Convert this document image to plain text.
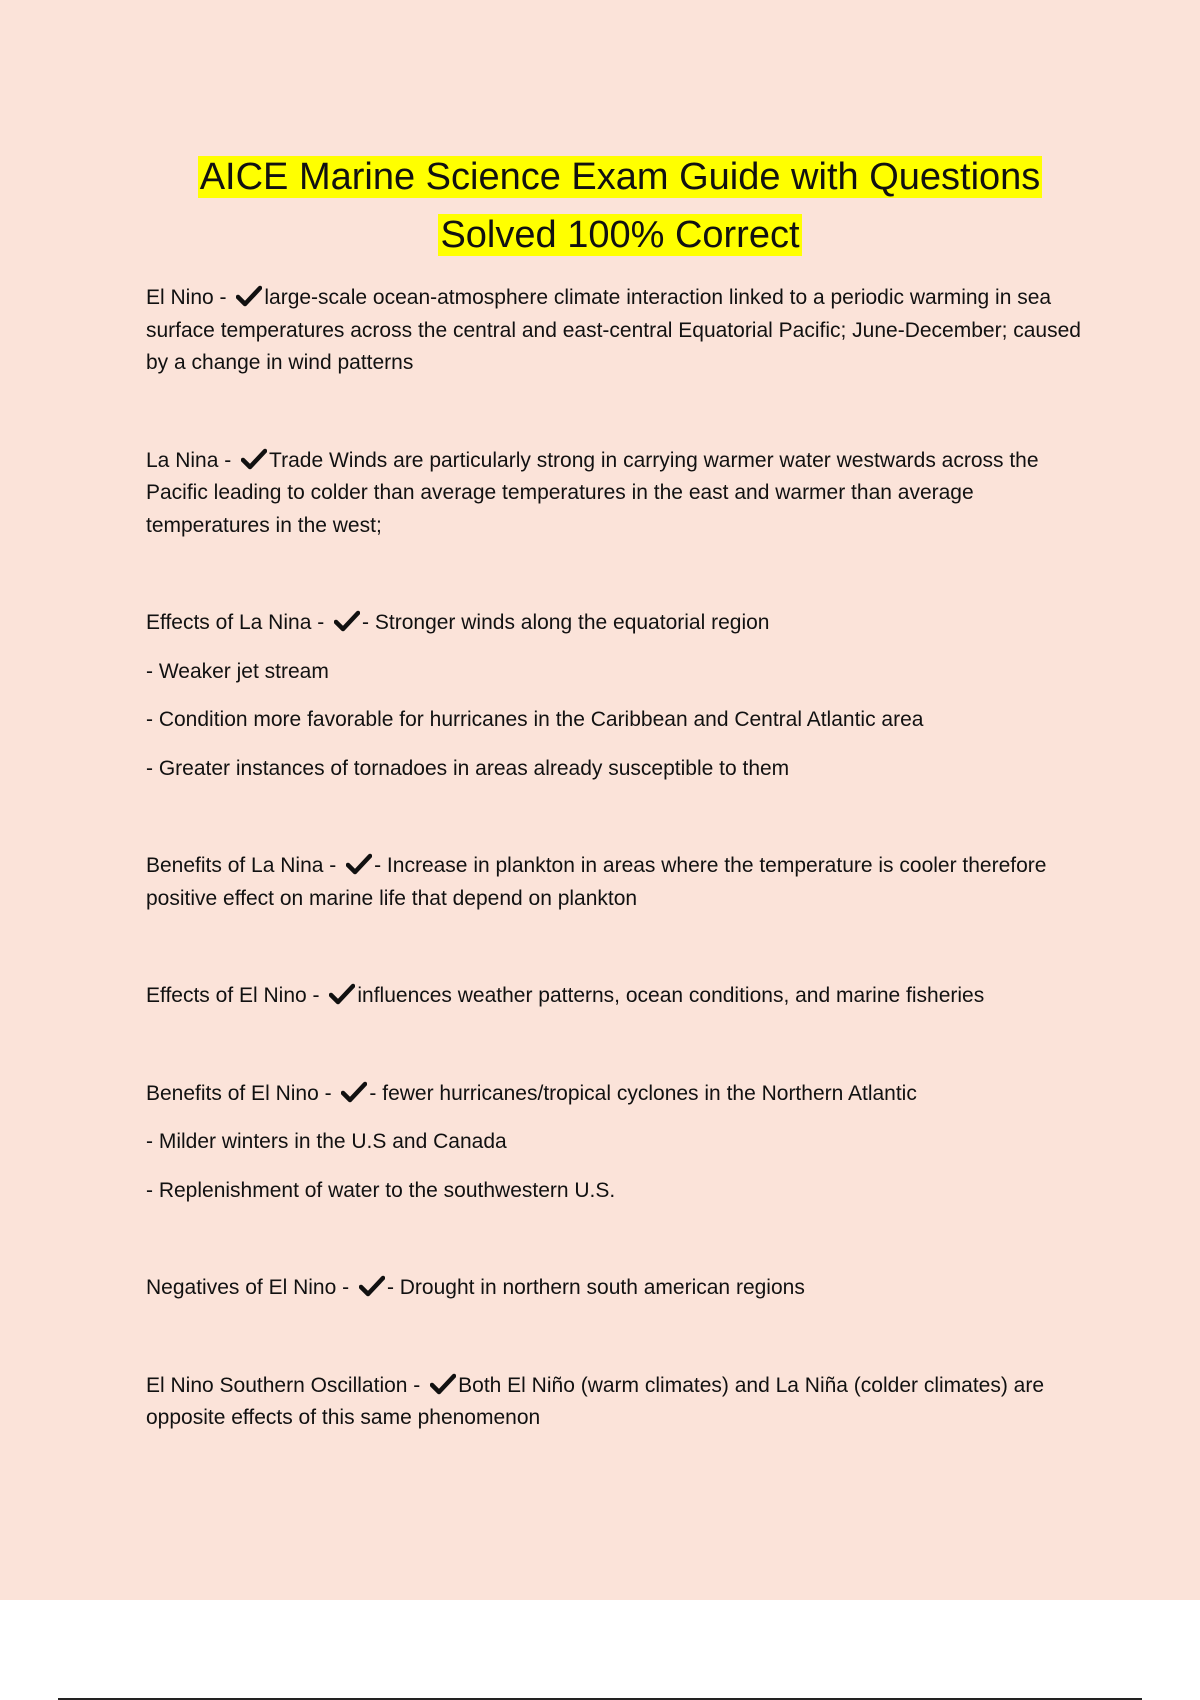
AICE Marine Science Exam Guide with Questions
Solved 100% Correct

El Nino -
large-scale ocean-atmosphere climate interaction linked to a periodic warming in sea surface temperatures across the central and east-central Equatorial Pacific; June-December; caused by a change in wind patterns

La Nina -
Trade Winds are particularly strong in carrying warmer water westwards across the Pacific leading to colder than average temperatures in the east and warmer than average temperatures in the west;

Effects of La Nina -
- Stronger winds along the equatorial region

- Weaker jet stream

- Condition more favorable for hurricanes in the Caribbean and Central Atlantic area

- Greater instances of tornadoes in areas already susceptible to them

Benefits of La Nina -
- Increase in plankton in areas where the temperature is cooler therefore positive effect on marine life that depend on plankton

Effects of El Nino -
influences weather patterns, ocean conditions, and marine fisheries

Benefits of El Nino -
- fewer hurricanes/tropical cyclones in the Northern Atlantic

- Milder winters in the U.S and Canada

- Replenishment of water to the southwestern U.S.

Negatives of El Nino -
- Drought in northern south american regions

El Nino Southern Oscillation -
Both El Niño (warm climates) and La Niña (colder climates) are opposite effects of this same phenomenon
